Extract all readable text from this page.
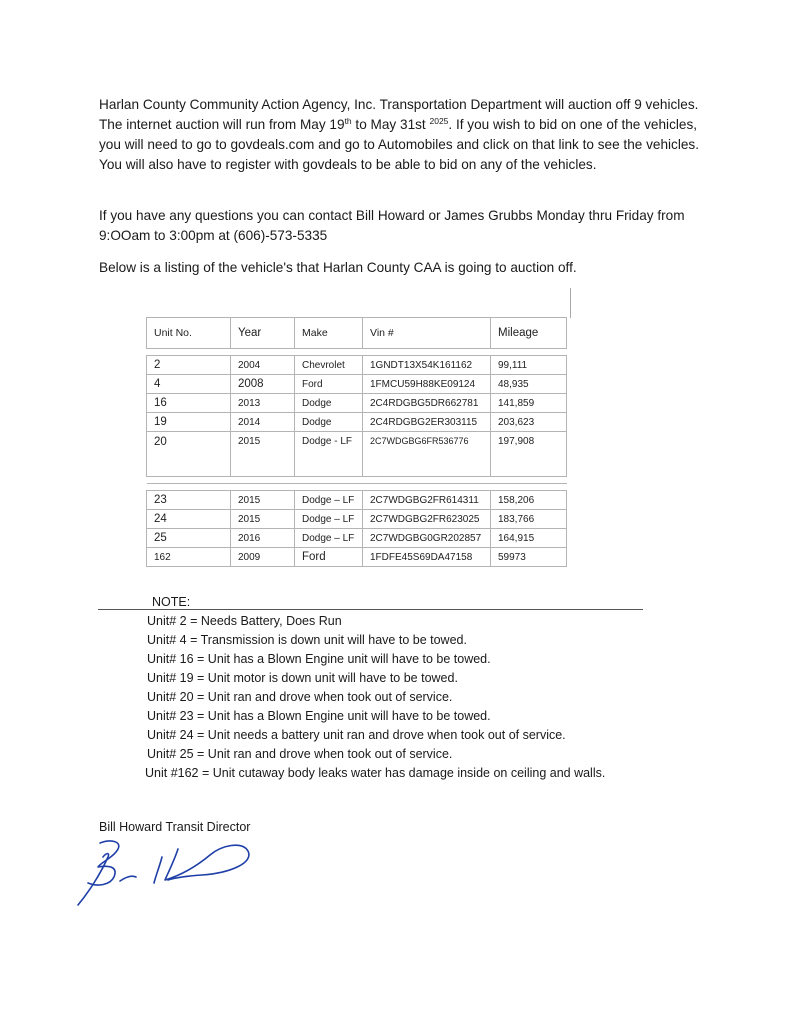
Harlan County Community Action Agency, Inc. Transportation Department will auction off 9 vehicles. The internet auction will run from May 19th to May 31st $^{2025}$. If you wish to bid on one of the vehicles, you will need to go to govdeals.com and go to Automobiles and click on that link to see the vehicles. You will also have to register with govdeals to be able to bid on any of the vehicles.

If you have any questions you can contact Bill Howard or James Grubbs Monday thru Friday from 9:OOam to 3:00pm at (606)-573-5335

Below is a listing of the vehicle's that Harlan County CAA is going to auction off.

Unit No.	Year	Make	Vin #	Mileage

2	2004	Chevrolet	1GNDT13X54K161162	99,111
4	2008	Ford	1FMCU59H88KE09124	48,935
16	2013	Dodge	2C4RDGBG5DR662781	141,859
19	2014	Dodge	2C4RDGBG2ER303115	203,623
20	2015	Dodge - LF	2C7WDGBG6FR536776	197,908

23	2015	Dodge – LF	2C7WDGBG2FR614311	158,206
24	2015	Dodge – LF	2C7WDGBG2FR623025	183,766
25	2016	Dodge – LF	2C7WDGBG0GR202857	164,915
162	2009	Ford	1FDFE45S69DA47158	59973

NOTE:

Unit# 2 = Needs Battery, Does Run

Unit# 4 = Transmission is down unit will have to be towed.

Unit# 16 = Unit has a Blown Engine unit will have to be towed.

Unit# 19 = Unit motor is down unit will have to be towed.

Unit# 20 = Unit ran and drove when took out of service.

Unit# 23 = Unit has a Blown Engine unit will have to be towed.

Unit# 24 = Unit needs a battery unit ran and drove when took out of service.

Unit# 25 = Unit ran and drove when took out of service.

Unit #162 = Unit cutaway body leaks water has damage inside on ceiling and walls.

Bill Howard Transit Director
